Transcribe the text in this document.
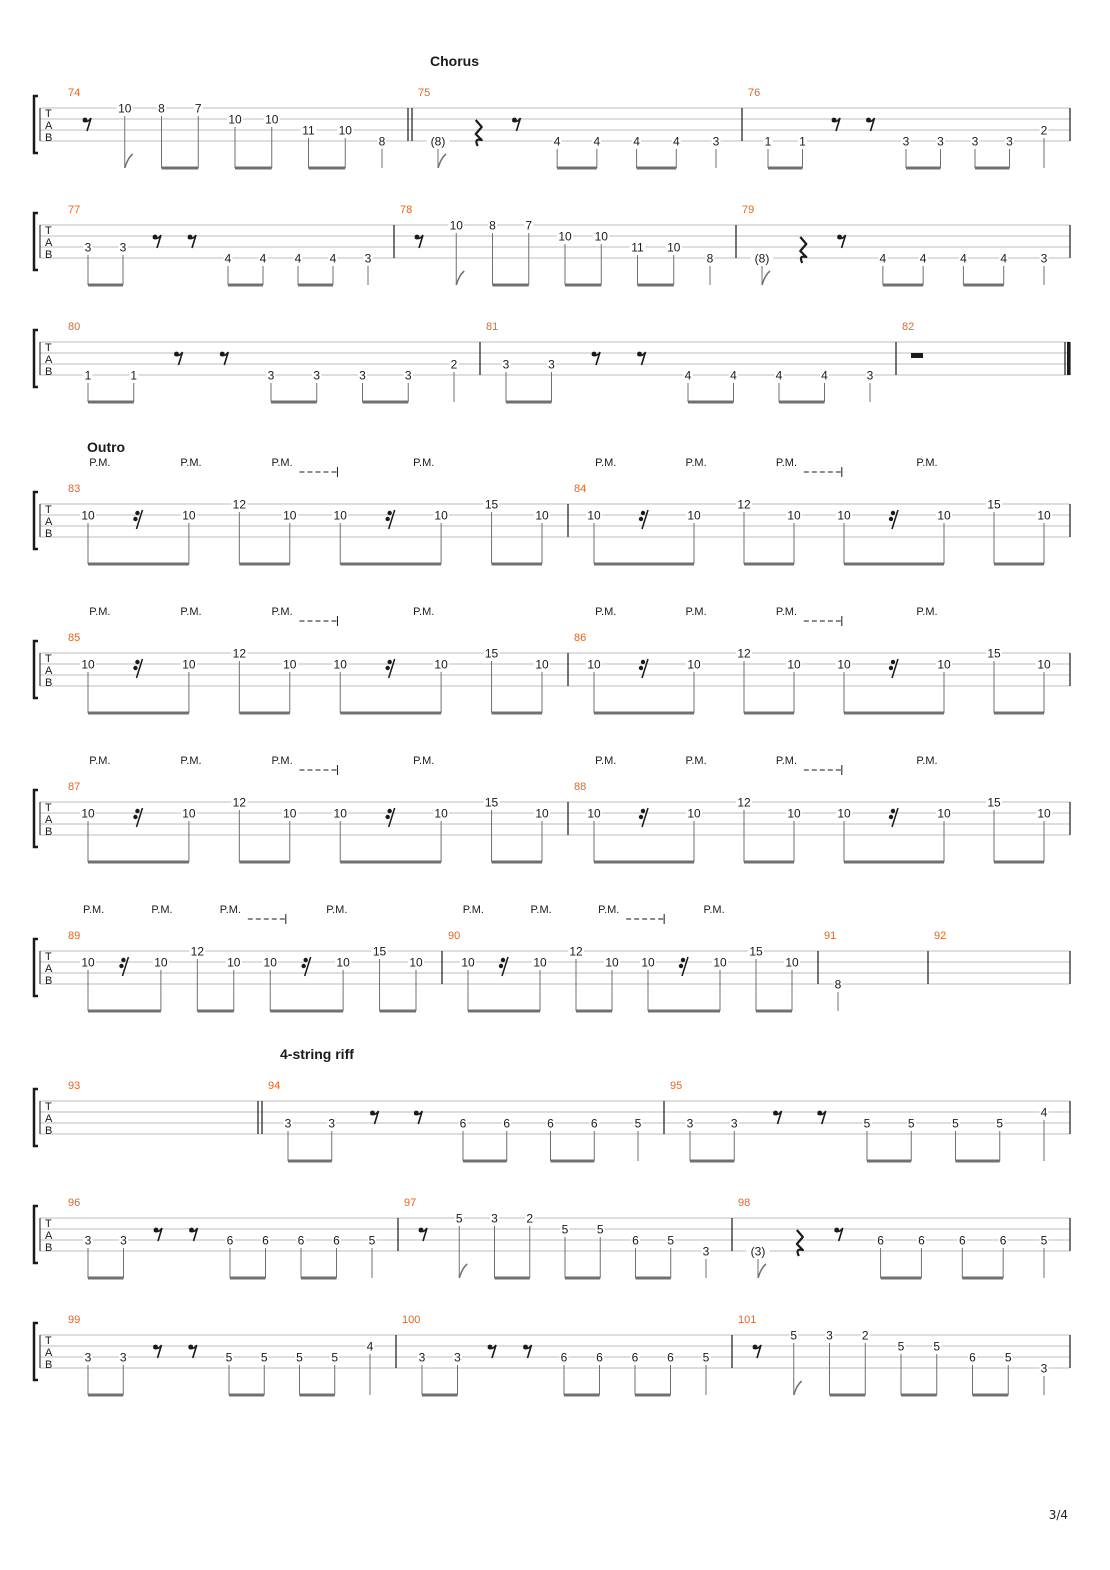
Chorus
T
A
B
74
10 8	7
10 10
11 10
8
75
(8)	4	4	4	4	3
76
1 1	3 3 3 3
2
T
A
B
77
3 3
4 4 4 4 3
78
10 8 7
10 10
11 10
8
79
(8)	4	4	4	4	3
T
A
B
80
1	1	3	3	3	3
2
81
3	3
4	4	4	4	3
82
Outro
T
A
B
83
10	10
12
10	10	10
15
10
84
10	10
12
10	10	10
15
10
P.M.	P.M.	P.M.	P.M.	P.M.	P.M.	P.M.	P.M.
T
A
B
85
10	10
12
10	10	10
15
10
86
10	10
12
10	10	10
15
10
P.M.	P.M.	P.M.	P.M.	P.M.	P.M.	P.M.	P.M.
T
A
B
87
10	10
12
10	10	10
15
10
88
10	10
12
10	10	10
15
10
P.M.	P.M.	P.M.	P.M.	P.M.	P.M.	P.M.	P.M.
T
A
B
89
10	10
12
10 10	10
15
10
90
10	10
12
10 10	10
15
10
91
8
92
P.M.	P.M.	P.M.	P.M.	P.M.	P.M.	P.M.	P.M.
4-string riff
T
A
B
93	94
3	3	6	6	6	6	5
95
3	3	5	5	5	5
4
T
A
B
96
3 3	6 6 6 6 5
97
5 3 2
5 5
6 5
3
98
(3)
6	6	6	6	5
T
A
B
99
3 3	5 5 5 5
4
100
3 3	6 6 6 6 5
101
5 3 2
5 5
6 5
3
3/4
